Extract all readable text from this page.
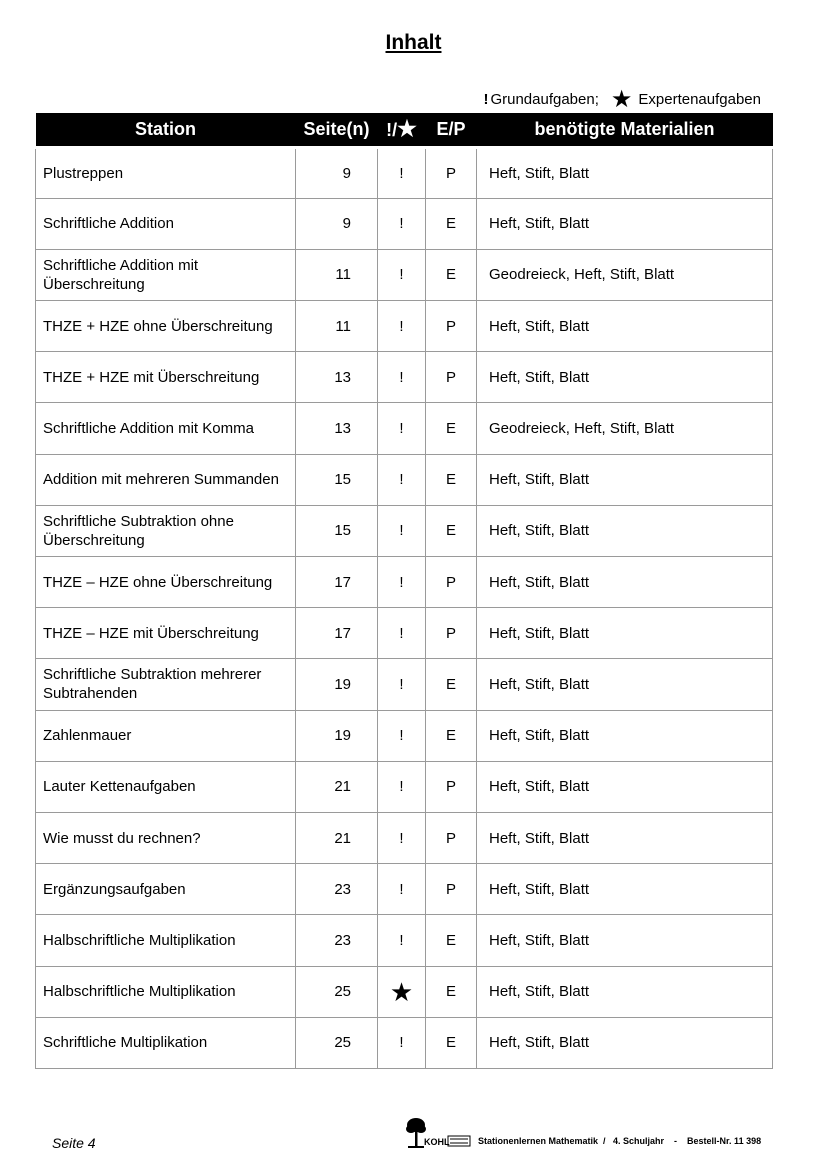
Inhalt
! Grundaufgaben; ★ Expertenaufgaben
Station	Seite(n)	!/★	E/P	benötigte Materialien
Plustreppen	9	!	P	Heft, Stift, Blatt
Schriftliche Addition	9	!	E	Heft, Stift, Blatt
Schriftliche Addition mit Überschreitung	11	!	E	Geodreieck, Heft, Stift, Blatt
THZE + HZE ohne Überschreitung	11	!	P	Heft, Stift, Blatt
THZE + HZE mit Überschreitung	13	!	P	Heft, Stift, Blatt
Schriftliche Addition mit Komma	13	!	E	Geodreieck, Heft, Stift, Blatt
Addition mit mehreren Summanden	15	!	E	Heft, Stift, Blatt
Schriftliche Subtraktion ohne Überschreitung	15	!	E	Heft, Stift, Blatt
THZE – HZE ohne Überschreitung	17	!	P	Heft, Stift, Blatt
THZE – HZE mit Überschreitung	17	!	P	Heft, Stift, Blatt
Schriftliche Subtraktion mehrerer Subtrahenden	19	!	E	Heft, Stift, Blatt
Zahlenmauer	19	!	E	Heft, Stift, Blatt
Lauter Kettenaufgaben	21	!	P	Heft, Stift, Blatt
Wie musst du rechnen?	21	!	P	Heft, Stift, Blatt
Ergänzungsaufgaben	23	!	P	Heft, Stift, Blatt
Halbschriftliche Multiplikation	23	!	E	Heft, Stift, Blatt
Halbschriftliche Multiplikation	25	★	E	Heft, Stift, Blatt
Schriftliche Multiplikation	25	!	E	Heft, Stift, Blatt
Seite 4	KOHL	Stationenlernen Mathematik  /   4. Schuljahr    -    Bestell-Nr. 11 398
